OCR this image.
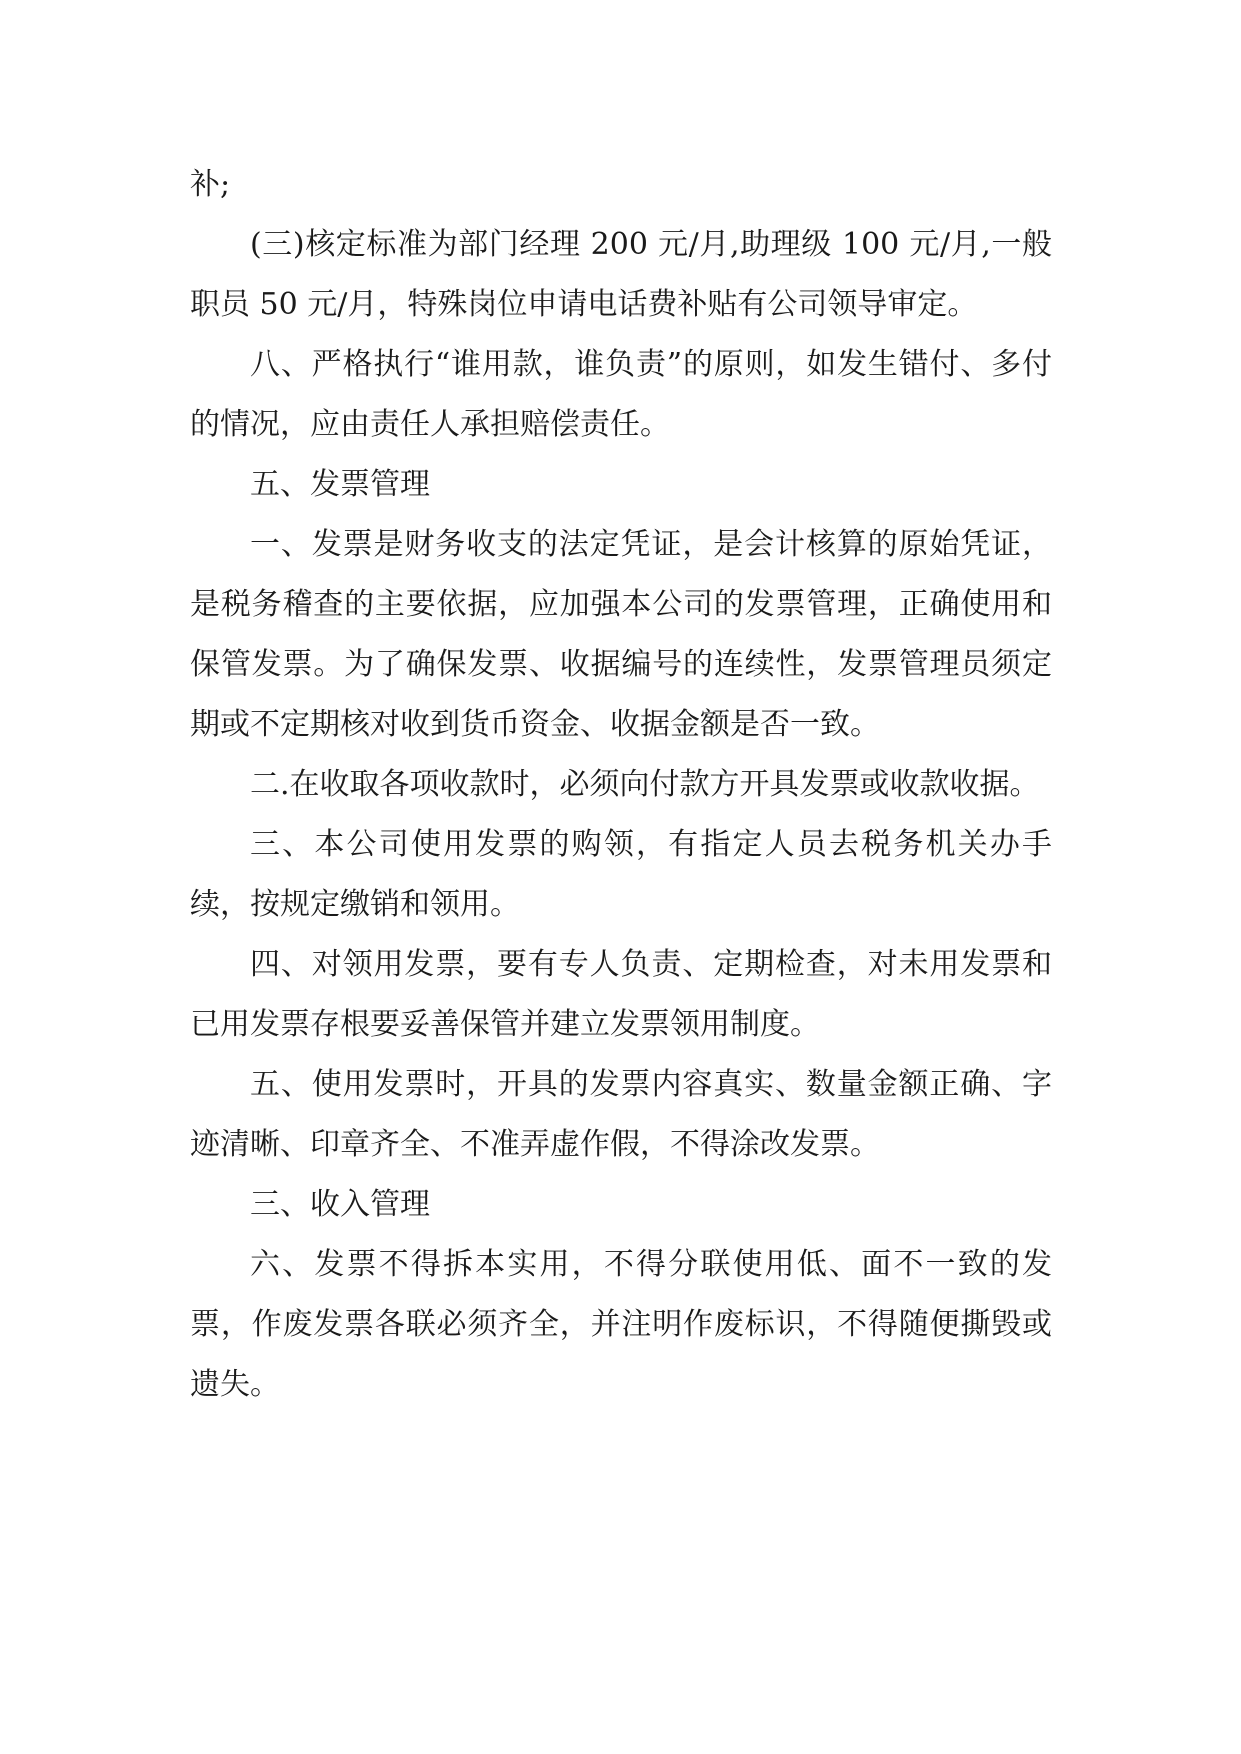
补;

(三)核定标准为部门经理 200 元/月,助理级 100 元/月,一般职员 50 元/月，特殊岗位申请电话费补贴有公司领导审定。

八、严格执行“谁用款，谁负责”的原则，如发生错付、多付的情况，应由责任人承担赔偿责任。

五、发票管理

一、发票是财务收支的法定凭证，是会计核算的原始凭证，是税务稽查的主要依据，应加强本公司的发票管理，正确使用和保管发票。为了确保发票、收据编号的连续性，发票管理员须定期或不定期核对收到货币资金、收据金额是否一致。

二.在收取各项收款时，必须向付款方开具发票或收款收据。

三、本公司使用发票的购领，有指定人员去税务机关办手续，按规定缴销和领用。

四、对领用发票，要有专人负责、定期检查，对未用发票和已用发票存根要妥善保管并建立发票领用制度。

五、使用发票时，开具的发票内容真实、数量金额正确、字迹清晰、印章齐全、不准弄虚作假，不得涂改发票。

三、收入管理

六、发票不得拆本实用，不得分联使用低、面不一致的发票，作废发票各联必须齐全，并注明作废标识，不得随便撕毁或遗失。
